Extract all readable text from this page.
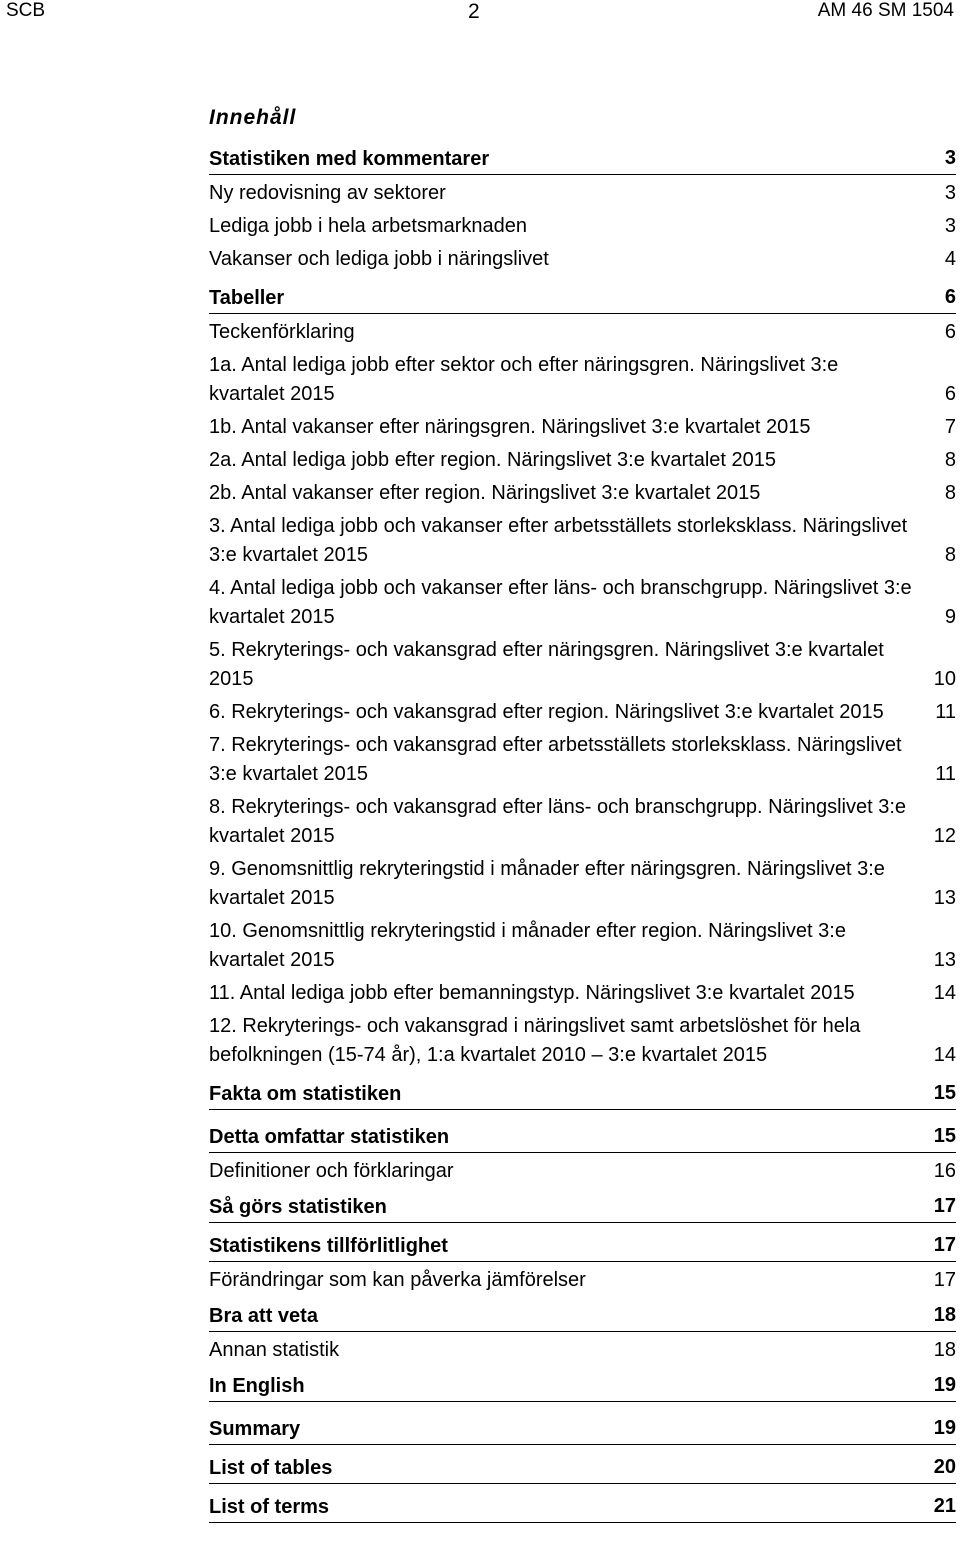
SCB	2	AM 46 SM 1504
Innehåll
Statistiken med kommentarer	3
Ny redovisning av sektorer	3
Lediga jobb i hela arbetsmarknaden	3
Vakanser och lediga jobb i näringslivet	4
Tabeller	6
Teckenförklaring	6
1a. Antal lediga jobb efter sektor och efter näringsgren. Näringslivet 3:e kvartalet 2015	6
1b. Antal vakanser efter näringsgren. Näringslivet 3:e kvartalet 2015	7
2a. Antal lediga jobb efter region. Näringslivet 3:e kvartalet 2015	8
2b. Antal vakanser efter region. Näringslivet 3:e kvartalet 2015	8
3. Antal lediga jobb och vakanser efter arbetsställets storleksklass. Näringslivet 3:e kvartalet 2015	8
4. Antal lediga jobb och vakanser efter läns- och branschgrupp. Näringslivet 3:e kvartalet 2015	9
5. Rekryterings- och vakansgrad efter näringsgren. Näringslivet 3:e kvartalet 2015	10
6. Rekryterings- och vakansgrad efter region. Näringslivet 3:e kvartalet 2015	11
7. Rekryterings- och vakansgrad efter arbetsställets storleksklass. Näringslivet 3:e kvartalet 2015	11
8. Rekryterings- och vakansgrad efter läns- och branschgrupp. Näringslivet 3:e kvartalet 2015	12
9. Genomsnittlig rekryteringstid i månader efter näringsgren. Näringslivet 3:e kvartalet 2015	13
10. Genomsnittlig rekryteringstid i månader efter region. Näringslivet 3:e kvartalet 2015	13
11. Antal lediga jobb efter bemanningstyp. Näringslivet 3:e kvartalet 2015	14
12. Rekryterings- och vakansgrad i näringslivet samt arbetslöshet för hela befolkningen (15-74 år), 1:a kvartalet 2010 – 3:e kvartalet 2015	14
Fakta om statistiken	15
Detta omfattar statistiken	15
Definitioner och förklaringar	16
Så görs statistiken	17
Statistikens tillförlitlighet	17
Förändringar som kan påverka jämförelser	17
Bra att veta	18
Annan statistik	18
In English	19
Summary	19
List of tables	20
List of terms	21
